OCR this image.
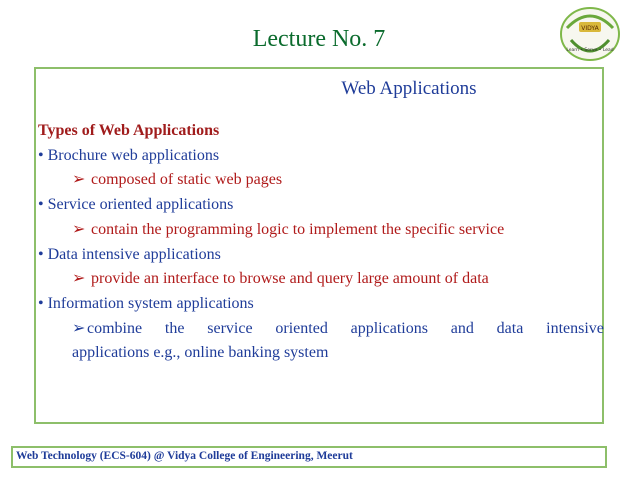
Lecture No. 7	VIDYA
Learn • Serve • Lead
Web Applications
Types of Web Applications
• Brochure web applications
➢ composed of static web pages
• Service oriented applications
➢ contain the programming logic to implement the specific service
• Data intensive applications
➢ provide an interface to browse and query large amount of data
• Information system applications
➢combine the service oriented applications and data intensive
applications e.g., online banking system
Web Technology (ECS-604) @ Vidya College of Engineering, Meerut
